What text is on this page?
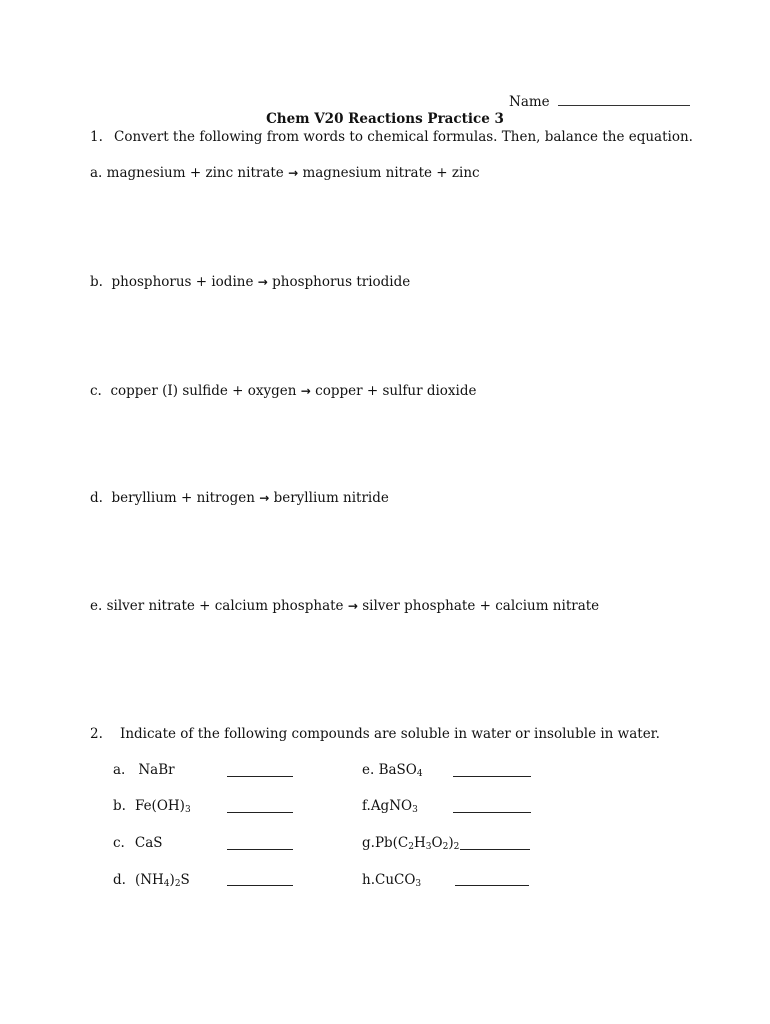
Name
Chem V20 Reactions Practice 3
1. Convert the following from words to chemical formulas. Then, balance the equation.
a. magnesium + zinc nitrate → magnesium nitrate + zinc
b. phosphorus + iodine → phosphorus triodide
c. copper (I) sulfide + oxygen → copper + sulfur dioxide
d. beryllium + nitrogen → beryllium nitride
e. silver nitrate + calcium phosphate → silver phosphate + calcium nitrate
2. Indicate of the following compounds are soluble in water or insoluble in water.
a. NaBr
b. $Fe(OH)_3$
c. CaS
d. $(NH_4)_2S$
e. BaSO$_4$
f.AgNO$_3$
$g.Pb(C_2H_3O_2)_2$
h.CuCO$_3$
